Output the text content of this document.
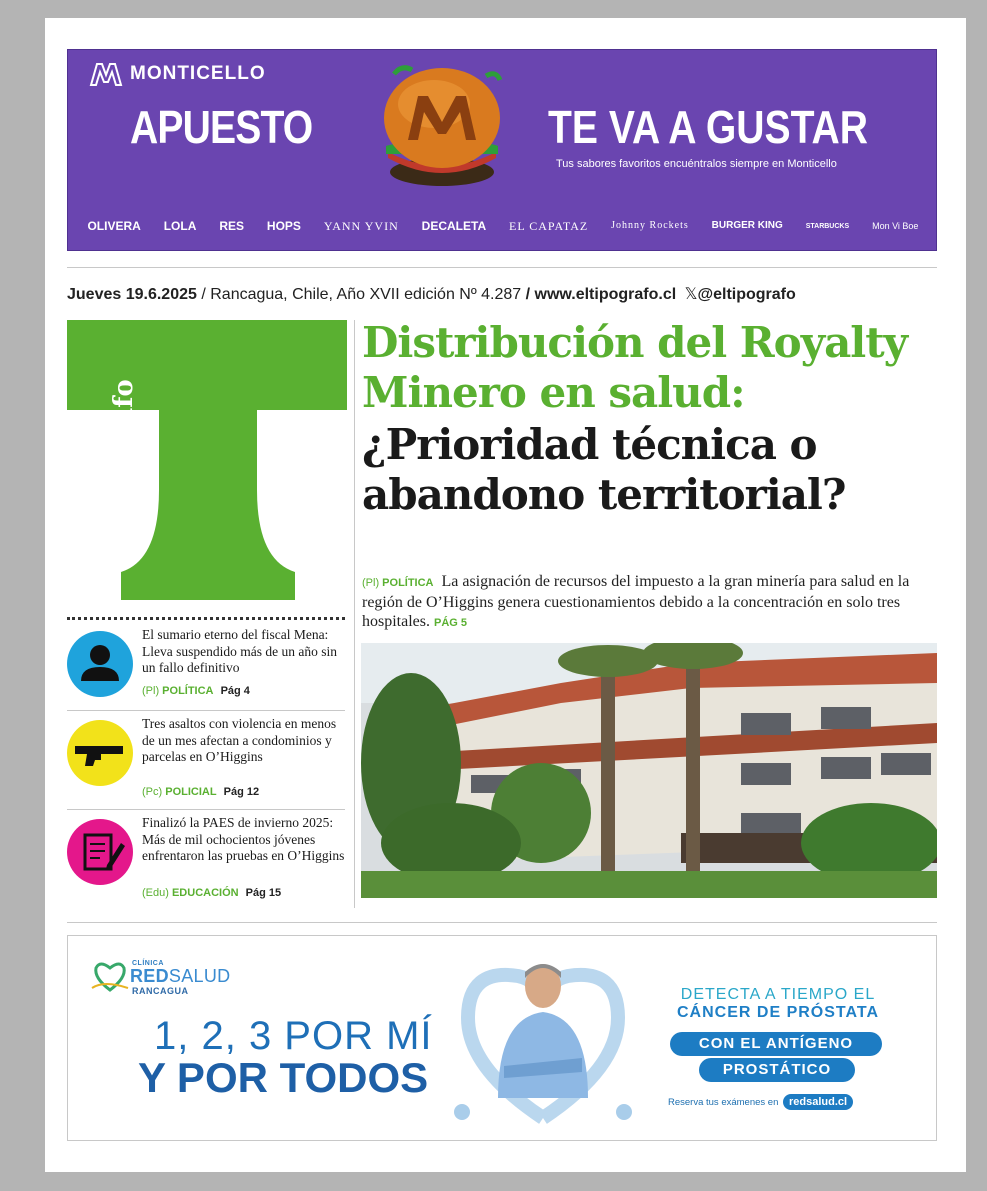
MONTICELLO
APUESTO	TE VA A GUSTAR
Tus sabores favoritos encuéntralos siempre en Monticello
OLIVERA LOLA RES HOPS YANN YVIN DECALETA EL CAPATAZ Johnny Rockets BURGER KING	STARBUCKS	Mon Vi Boe
Jueves 19.6.2025 / Rancagua, Chile, Año XVII edición Nº 4.287 / www.eltipografo.cl 𝕏@eltipografo
El Tipógrafo
Distribución del Royalty
Minero en salud:
¿Prioridad técnica o
abandono territorial?
(Pl) POLÍTICA La asignación de recursos del impuesto a la gran minería para salud en la región de O’Higgins genera cuestionamientos debido a la concentración en solo tres hospitales. PÁG 5
El sumario eterno del fiscal Mena: Lleva suspendido más de un año sin un fallo definitivo
(Pl) POLÍTICA Pág 4
Tres asaltos con violencia en menos de un mes afectan a condominios y parcelas en O’Higgins
(Pc) POLICIAL Pág 12
Finalizó la PAES de invierno 2025: Más de mil ochocientos jóvenes enfrentaron las pruebas en O’Higgins
(Edu) EDUCACIÓN Pág 15
CLÍNICA
REDSALUD
RANCAGUA
1, 2, 3 POR MÍ
Y POR TODOS
DETECTA A TIEMPO EL
CÁNCER DE PRÓSTATA
CON EL ANTÍGENO
PROSTÁTICO
Reserva tus exámenes en redsalud.cl
